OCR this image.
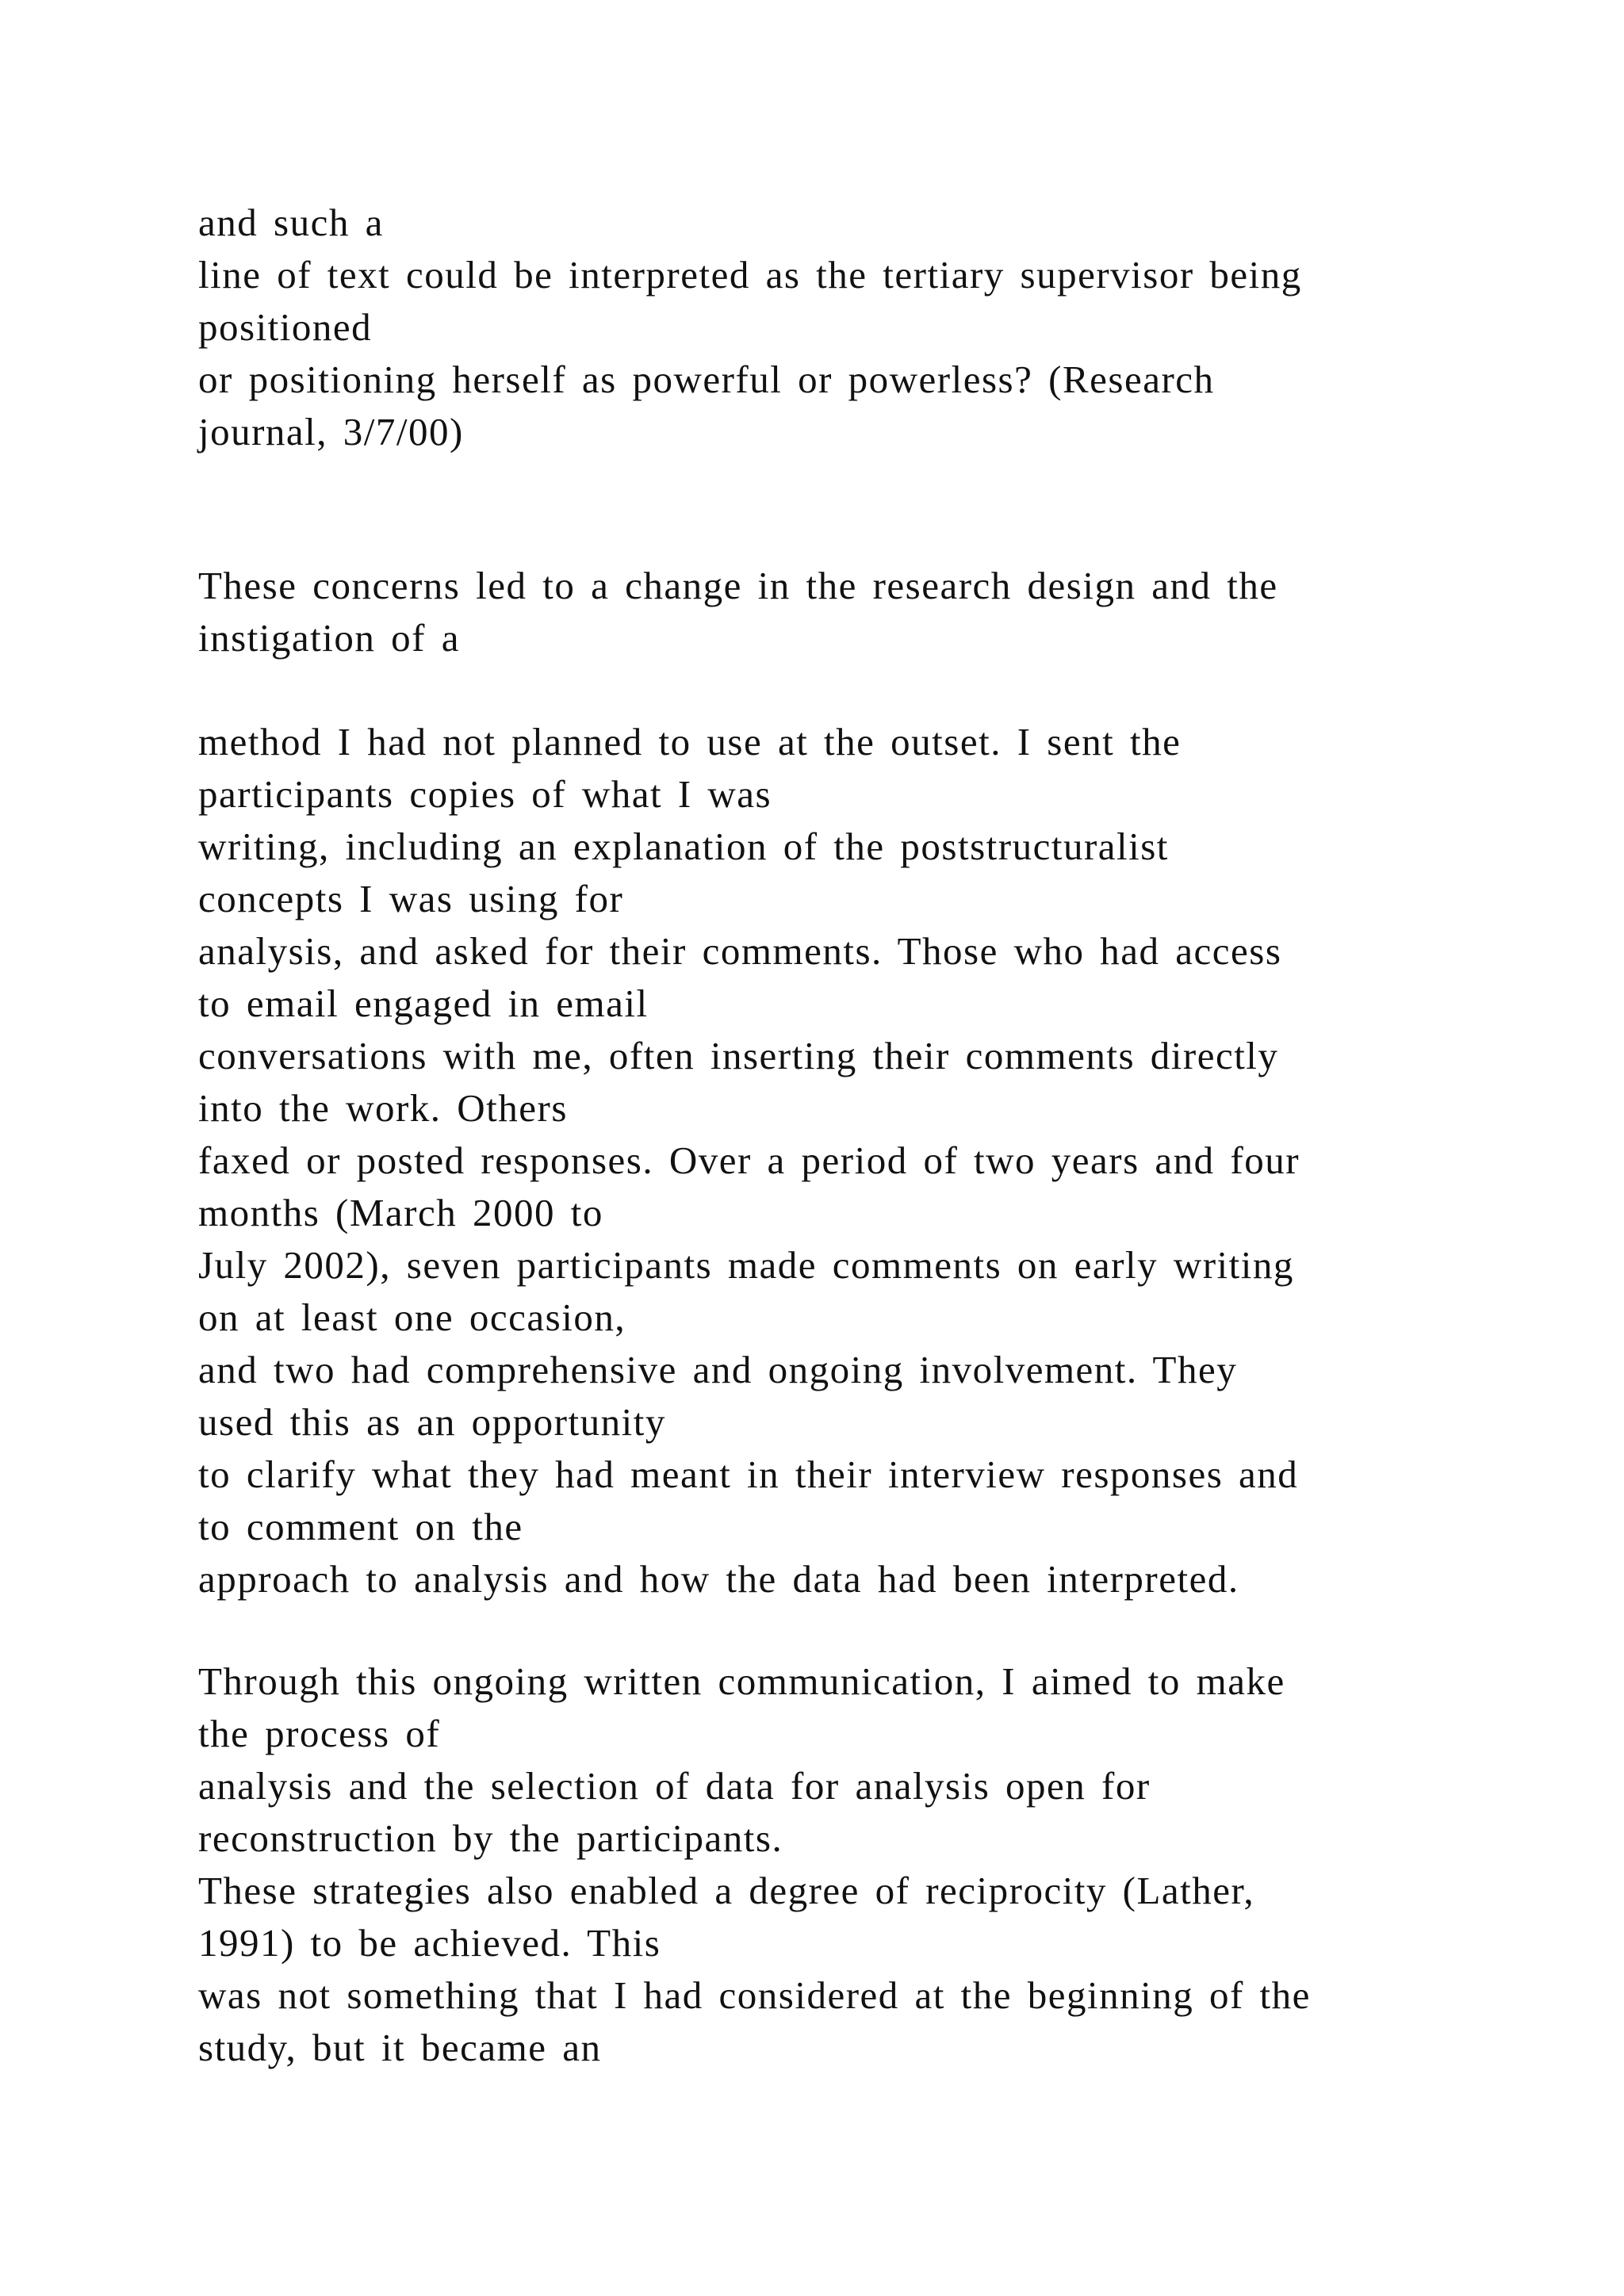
and such a

line of text could be interpreted as the tertiary supervisor being

positioned

or positioning herself as powerful or powerless? (Research

journal, 3/7/00)

These concerns led to a change in the research design and the

instigation of a

method I had not planned to use at the outset. I sent the

participants copies of what I was

writing, including an explanation of the poststructuralist

concepts I was using for

analysis, and asked for their comments. Those who had access

to email engaged in email

conversations with me, often inserting their comments directly

into the work. Others

faxed or posted responses. Over a period of two years and four

months (March 2000 to

July 2002), seven participants made comments on early writing

on at least one occasion,

and two had comprehensive and ongoing involvement. They

used this as an opportunity

to clarify what they had meant in their interview responses and

to comment on the

approach to analysis and how the data had been interpreted.

Through this ongoing written communication, I aimed to make

the process of

analysis and the selection of data for analysis open for

reconstruction by the participants.

These strategies also enabled a degree of reciprocity (Lather,

1991) to be achieved. This

was not something that I had considered at the beginning of the

study, but it became an
